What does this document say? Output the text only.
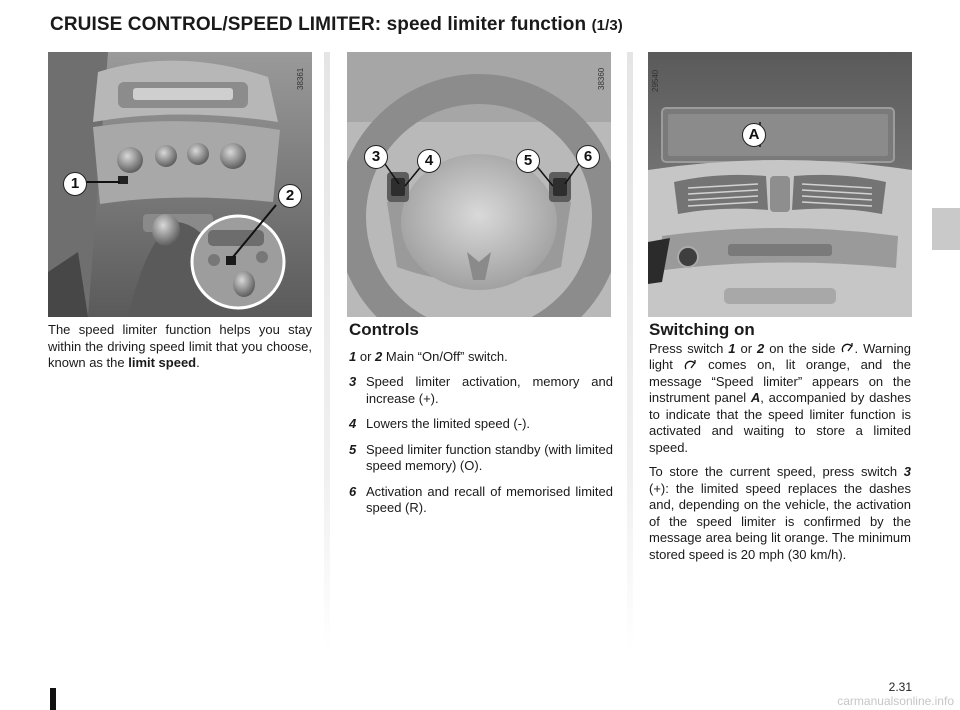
CRUISE CONTROL/SPEED LIMITER: speed limiter function (1/3)
38361
1
2
38360
3	4	5	6
29540
A
The speed limiter function helps you stay within the driving speed limit that you choose, known as the limit speed.
Controls
1 or 2 Main “On/Off” switch.
3 Speed limiter activation, memory and increase (+).
4 Lowers the limited speed (-).
5 Speed limiter function standby (with limited speed memory) (O).
6 Activation and recall of memorised limited speed (R).
Switching on

Press switch 1 or 2 on the side . Warning light  comes on, lit orange, and the message “Speed limiter” appears on the instrument panel A, accompanied by dashes to indicate that the speed limiter function is activated and waiting to store a limited speed.

To store the current speed, press switch 3 (+): the limited speed replaces the dashes and, depending on the vehicle, the activation of the speed limiter is confirmed by the message area being lit orange. The minimum stored speed is 20 mph (30 km/h).

2.31
carmanualsonline.info
